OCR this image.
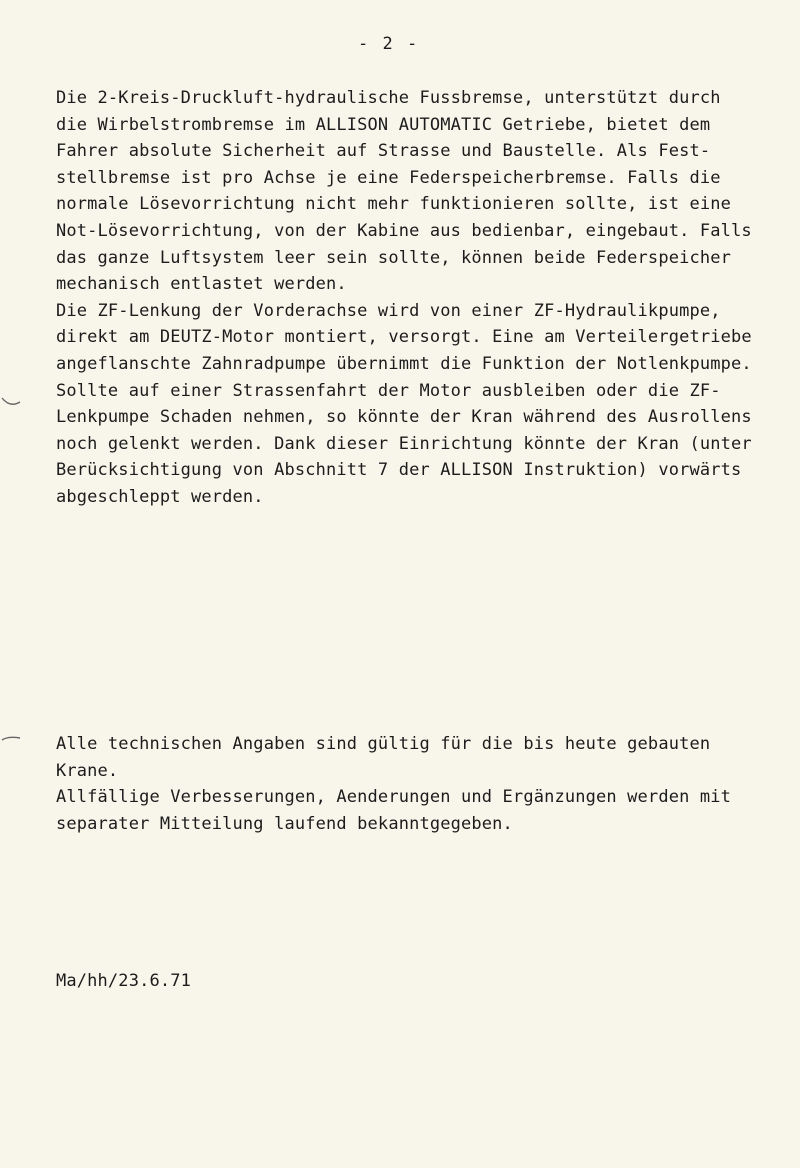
- 2 -
Die 2-Kreis-Druckluft-hydraulische Fussbremse, unterstützt durch
die Wirbelstrombremse im ALLISON AUTOMATIC Getriebe, bietet dem
Fahrer absolute Sicherheit auf Strasse und Baustelle. Als Fest-
stellbremse ist pro Achse je eine Federspeicherbremse. Falls die
normale Lösevorrichtung nicht mehr funktionieren sollte, ist eine
Not-Lösevorrichtung, von der Kabine aus bedienbar, eingebaut. Falls
das ganze Luftsystem leer sein sollte, können beide Federspeicher
mechanisch entlastet werden.
Die ZF-Lenkung der Vorderachse wird von einer ZF-Hydraulikpumpe,
direkt am DEUTZ-Motor montiert, versorgt. Eine am Verteilergetriebe
angeflanschte Zahnradpumpe übernimmt die Funktion der Notlenkpumpe.
Sollte auf einer Strassenfahrt der Motor ausbleiben oder die ZF-
Lenkpumpe Schaden nehmen, so könnte der Kran während des Ausrollens
noch gelenkt werden. Dank dieser Einrichtung könnte der Kran (unter
Berücksichtigung von Abschnitt 7 der ALLISON Instruktion) vorwärts
abgeschleppt werden.
Alle technischen Angaben sind gültig für die bis heute gebauten
Krane.
Allfällige Verbesserungen, Aenderungen und Ergänzungen werden mit
separater Mitteilung laufend bekanntgegeben.
Ma/hh/23.6.71
